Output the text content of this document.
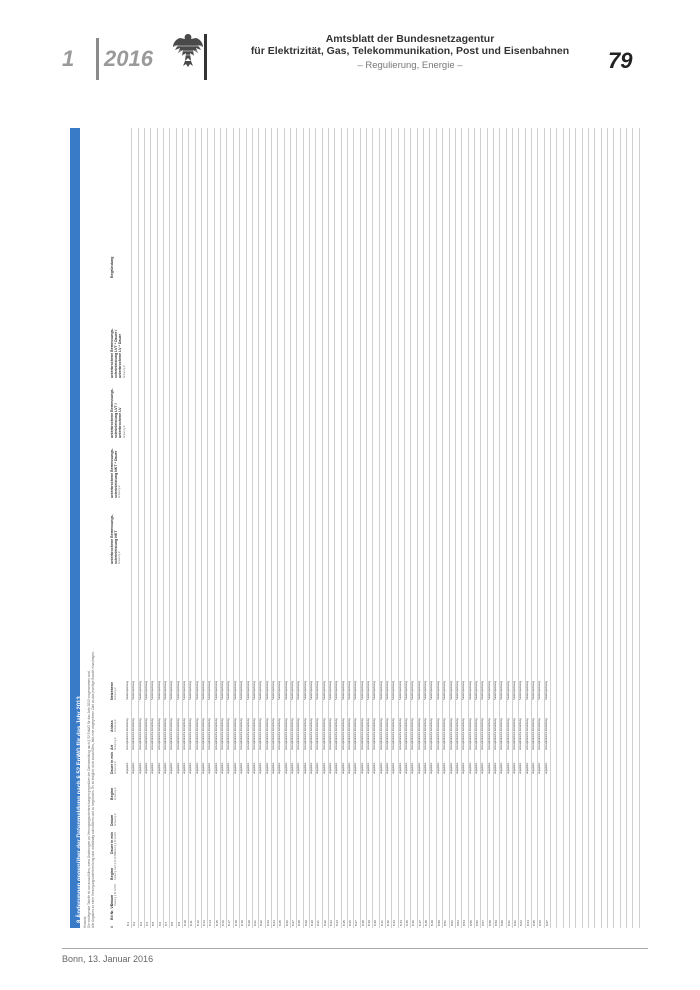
1 2016
Amtsblatt der Bundesnetzagentur
für Elektrizität, Gas, Telekommunikation, Post und Eisenbahnen
– Regulierung, Energie –	79
8 Änderungen gegenüber der Datenmeldung nach § 52 EnWG für das Jahr 2013 Hinweis: Die vorliegende Tabelle ist nur auszufüllen, wenn Änderungen an Versorgungsunterbrechungen gegenüber der Datenmeldung nach § 52 EnWG für das Jahr 2013 vorgenommen wird. Alle Angaben zu einer Versorgungsunterbrechung sind vollständig aufzuführen und zu begründen. Es ist lediglich nicht auszufüllen, falls eine angegebene Zahl an das jeweilige Bundle einzutragen.	#
Bil Nr. VU
Datum Meldung § 52 EnWG
Beginn Meldung nach § 52 EnWG
Dauer in min Meldung § 52 EnWG
Datum Änderung in
Beginn Änderung in
Dauer in min Änderung in
Art Änderung in
Anlass Änderung in
Netzebene Änderung in
unterbrochene Bemessungs- scheinleistung NKT Änderung in
unterbrochene Bemessungs- scheinleistung NKT * Dauer Änderung in
unterbrochene Bemessungs- scheinleistung LVT / unterbrochene LV Änderung in
unterbrochene Bemessungs- scheinleistung LVT * Dauer / unterbrochene LV * Dauer Änderung in
Begründung
8.1
ungeplant
atmosphärische Einwirkung
Niederspannung
8.2
ungeplant
atmosphärische Einwirkung
Niederspannung
8.3
ungeplant
atmosphärische Einwirkung
Niederspannung
8.4
ungeplant
atmosphärische Einwirkung
Niederspannung
8.5
ungeplant
atmosphärische Einwirkung
Niederspannung
8.6
ungeplant
atmosphärische Einwirkung
Niederspannung
8.7
ungeplant
atmosphärische Einwirkung
Niederspannung
8.8
ungeplant
atmosphärische Einwirkung
Niederspannung
8.9
ungeplant
atmosphärische Einwirkung
Niederspannung
8.10
ungeplant
atmosphärische Einwirkung
Niederspannung
8.11
ungeplant
atmosphärische Einwirkung
Niederspannung
8.12
ungeplant
atmosphärische Einwirkung
Niederspannung
8.13
ungeplant
atmosphärische Einwirkung
Niederspannung
8.14
ungeplant
atmosphärische Einwirkung
Niederspannung
8.15
ungeplant
atmosphärische Einwirkung
Niederspannung
8.16
ungeplant
atmosphärische Einwirkung
Niederspannung
8.17
ungeplant
atmosphärische Einwirkung
Niederspannung
8.18
ungeplant
atmosphärische Einwirkung
Niederspannung
8.19
ungeplant
atmosphärische Einwirkung
Niederspannung
8.20
ungeplant
atmosphärische Einwirkung
Niederspannung
8.21
ungeplant
atmosphärische Einwirkung
Niederspannung
8.22
ungeplant
atmosphärische Einwirkung
Niederspannung
8.23
ungeplant
atmosphärische Einwirkung
Niederspannung
8.24
ungeplant
atmosphärische Einwirkung
Niederspannung
8.25
ungeplant
atmosphärische Einwirkung
Niederspannung
8.26
ungeplant
atmosphärische Einwirkung
Niederspannung
8.27
ungeplant
atmosphärische Einwirkung
Niederspannung
8.28
ungeplant
atmosphärische Einwirkung
Niederspannung
8.29
ungeplant
atmosphärische Einwirkung
Niederspannung
8.30
ungeplant
atmosphärische Einwirkung
Niederspannung
8.31
ungeplant
atmosphärische Einwirkung
Niederspannung
8.32
ungeplant
atmosphärische Einwirkung
Niederspannung
8.33
ungeplant
atmosphärische Einwirkung
Niederspannung
8.34
ungeplant
atmosphärische Einwirkung
Niederspannung
8.35
ungeplant
atmosphärische Einwirkung
Niederspannung
8.36
ungeplant
atmosphärische Einwirkung
Niederspannung
8.37
ungeplant
atmosphärische Einwirkung
Niederspannung
8.38
ungeplant
atmosphärische Einwirkung
Niederspannung
8.39
ungeplant
atmosphärische Einwirkung
Niederspannung
8.40
ungeplant
atmosphärische Einwirkung
Niederspannung
8.41
ungeplant
atmosphärische Einwirkung
Niederspannung
8.42
ungeplant
atmosphärische Einwirkung
Niederspannung
8.43
ungeplant
atmosphärische Einwirkung
Niederspannung
8.44
ungeplant
atmosphärische Einwirkung
Niederspannung
8.45
ungeplant
atmosphärische Einwirkung
Niederspannung
8.46
ungeplant
atmosphärische Einwirkung
Niederspannung
8.47
ungeplant
atmosphärische Einwirkung
Niederspannung
8.48
ungeplant
atmosphärische Einwirkung
Niederspannung
8.49
ungeplant
atmosphärische Einwirkung
Niederspannung
8.50
ungeplant
atmosphärische Einwirkung
Niederspannung
8.51
ungeplant
atmosphärische Einwirkung
Niederspannung
8.52
ungeplant
atmosphärische Einwirkung
Niederspannung
8.53
ungeplant
atmosphärische Einwirkung
Niederspannung
8.54
ungeplant
atmosphärische Einwirkung
Niederspannung
8.55
ungeplant
atmosphärische Einwirkung
Niederspannung
8.56
ungeplant
atmosphärische Einwirkung
Niederspannung
8.57
ungeplant
atmosphärische Einwirkung
Niederspannung
8.58
ungeplant
atmosphärische Einwirkung
Niederspannung
8.59
ungeplant
atmosphärische Einwirkung
Niederspannung
8.60
ungeplant
atmosphärische Einwirkung
Niederspannung
8.61
ungeplant
atmosphärische Einwirkung
Niederspannung
8.62
ungeplant
atmosphärische Einwirkung
Niederspannung
8.63
ungeplant
atmosphärische Einwirkung
Niederspannung
8.64
ungeplant
atmosphärische Einwirkung
Niederspannung
8.65
ungeplant
atmosphärische Einwirkung
Niederspannung
8.66
ungeplant
atmosphärische Einwirkung
Niederspannung
8.67
ungeplant
atmosphärische Einwirkung
Niederspannung
Bonn, 13. Januar 2016
